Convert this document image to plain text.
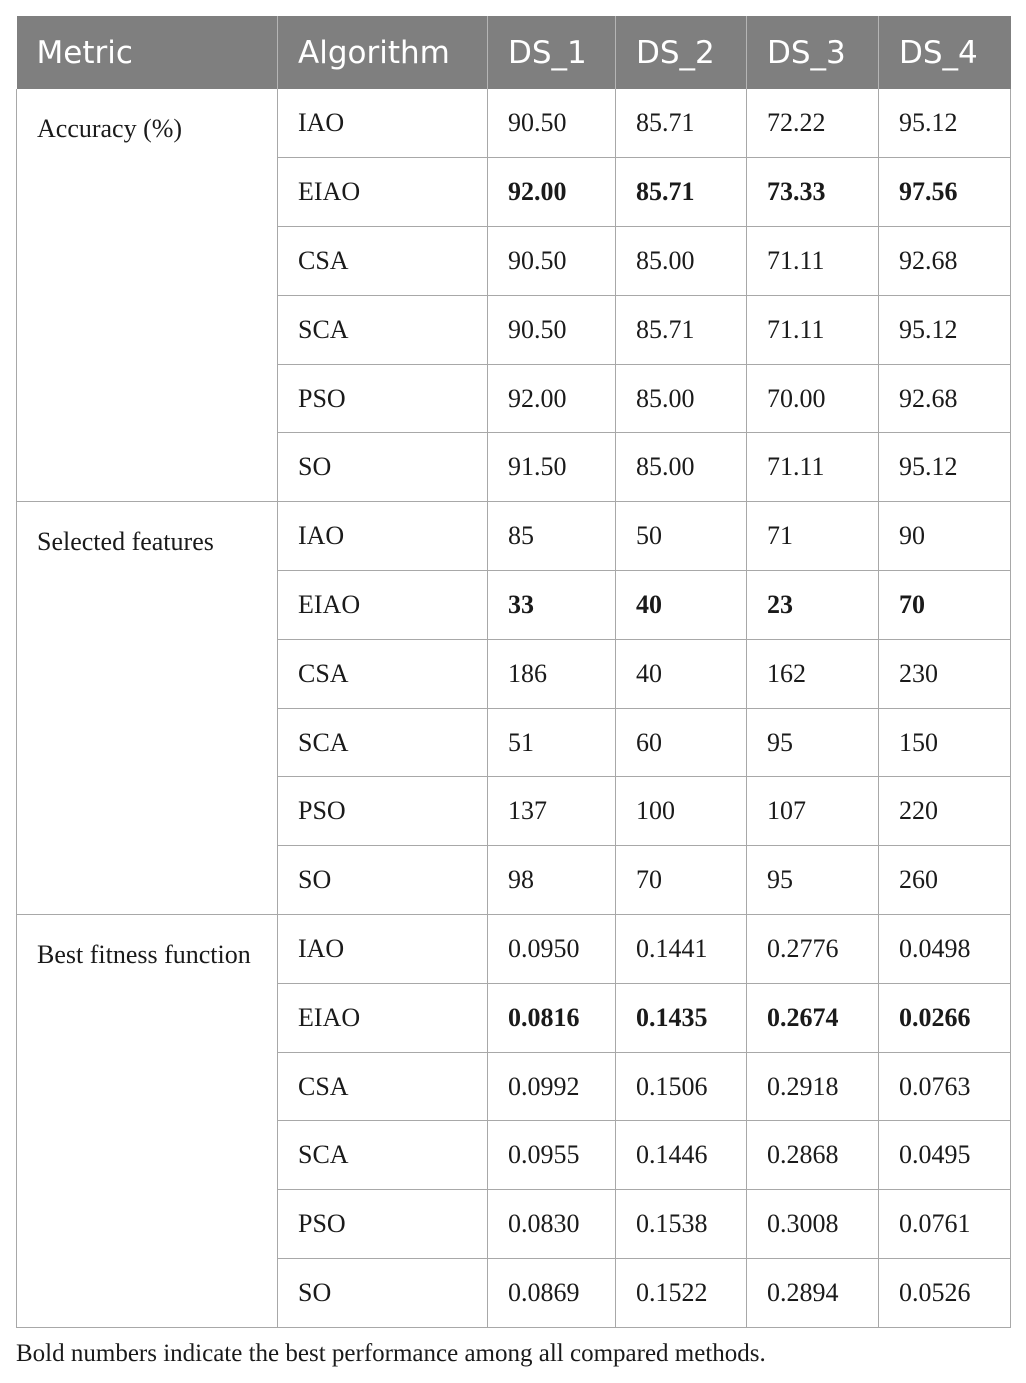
Metric	Algorithm	DS_1	DS_2	DS_3	DS_4
Accuracy (%)	IAO	90.50	85.71	72.22	95.12
	EIAO	92.00	85.71	73.33	97.56
	CSA	90.50	85.00	71.11	92.68
	SCA	90.50	85.71	71.11	95.12
	PSO	92.00	85.00	70.00	92.68
	SO	91.50	85.00	71.11	95.12
Selected features	IAO	85	50	71	90
	EIAO	33	40	23	70
	CSA	186	40	162	230
	SCA	51	60	95	150
	PSO	137	100	107	220
	SO	98	70	95	260
Best fitness function	IAO	0.0950	0.1441	0.2776	0.0498
	EIAO	0.0816	0.1435	0.2674	0.0266
	CSA	0.0992	0.1506	0.2918	0.0763
	SCA	0.0955	0.1446	0.2868	0.0495
	PSO	0.0830	0.1538	0.3008	0.0761
	SO	0.0869	0.1522	0.2894	0.0526
Bold numbers indicate the best performance among all compared methods.
